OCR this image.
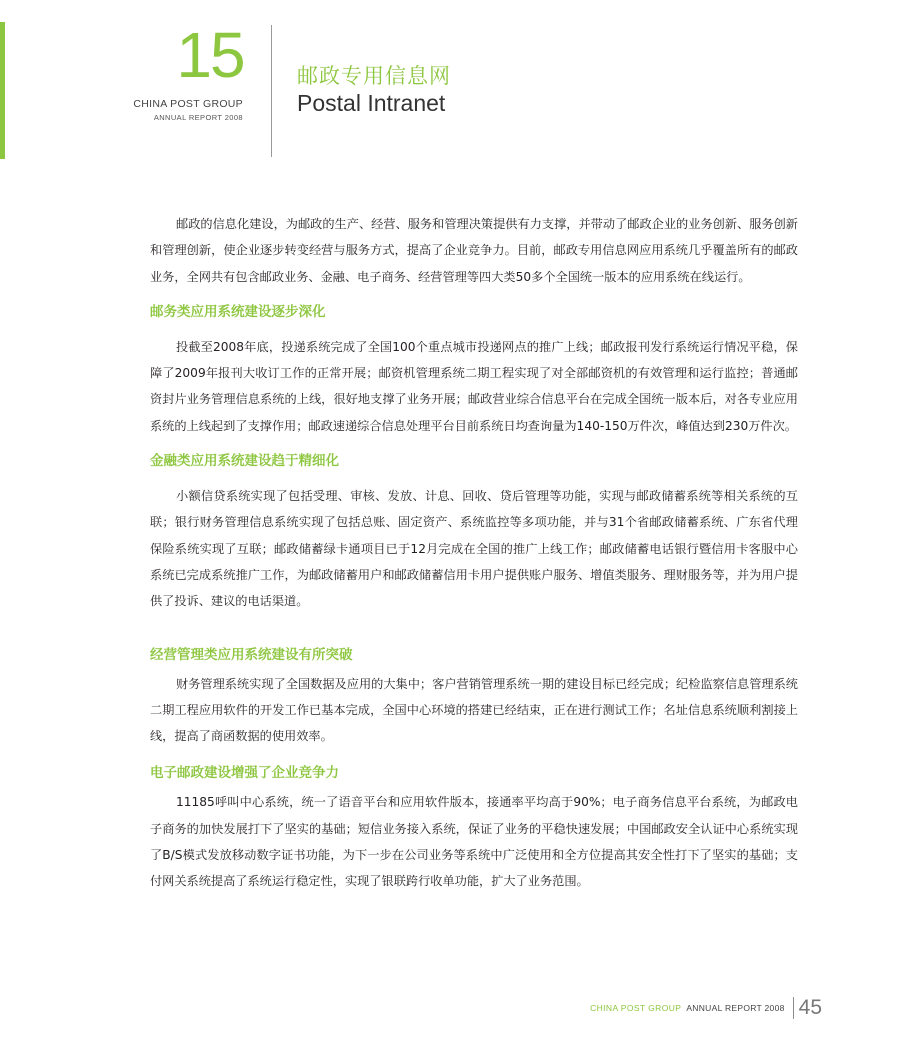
15
CHINA POST GROUP
ANNUAL REPORT 2008
邮政专用信息网
Postal Intranet

邮政的信息化建设，为邮政的生产、经营、服务和管理决策提供有力支撑，并带动了邮政企业的业务创新、服务创新和管理创新，使企业逐步转变经营与服务方式，提高了企业竞争力。目前，邮政专用信息网应用系统几乎覆盖所有的邮政业务，全网共有包含邮政业务、金融、电子商务、经营管理等四大类50多个全国统一版本的应用系统在线运行。

邮务类应用系统建设逐步深化

投截至2008年底，投递系统完成了全国100个重点城市投递网点的推广上线；邮政报刊发行系统运行情况平稳，保障了2009年报刊大收订工作的正常开展；邮资机管理系统二期工程实现了对全部邮资机的有效管理和运行监控；普通邮资封片业务管理信息系统的上线，很好地支撑了业务开展；邮政营业综合信息平台在完成全国统一版本后，对各专业应用系统的上线起到了支撑作用；邮政速递综合信息处理平台目前系统日均查询量为140-150万件次，峰值达到230万件次。

金融类应用系统建设趋于精细化

小额信贷系统实现了包括受理、审核、发放、计息、回收、贷后管理等功能，实现与邮政储蓄系统等相关系统的互联；银行财务管理信息系统实现了包括总账、固定资产、系统监控等多项功能，并与31个省邮政储蓄系统、广东省代理保险系统实现了互联；邮政储蓄绿卡通项目已于12月完成在全国的推广上线工作；邮政储蓄电话银行暨信用卡客服中心系统已完成系统推广工作，为邮政储蓄用户和邮政储蓄信用卡用户提供账户服务、增值类服务、理财服务等，并为用户提供了投诉、建议的电话渠道。

经营管理类应用系统建设有所突破

财务管理系统实现了全国数据及应用的大集中；客户营销管理系统一期的建设目标已经完成；纪检监察信息管理系统二期工程应用软件的开发工作已基本完成，全国中心环境的搭建已经结束，正在进行测试工作；名址信息系统顺利割接上线，提高了商函数据的使用效率。

电子邮政建设增强了企业竞争力

11185呼叫中心系统，统一了语音平台和应用软件版本，接通率平均高于90%；电子商务信息平台系统，为邮政电子商务的加快发展打下了坚实的基础；短信业务接入系统，保证了业务的平稳快速发展；中国邮政安全认证中心系统实现了B/S模式发放移动数字证书功能，为下一步在公司业务等系统中广泛使用和全方位提高其安全性打下了坚实的基础；支付网关系统提高了系统运行稳定性，实现了银联跨行收单功能，扩大了业务范围。

CHINA POST GROUP ANNUAL REPORT 2008 45
